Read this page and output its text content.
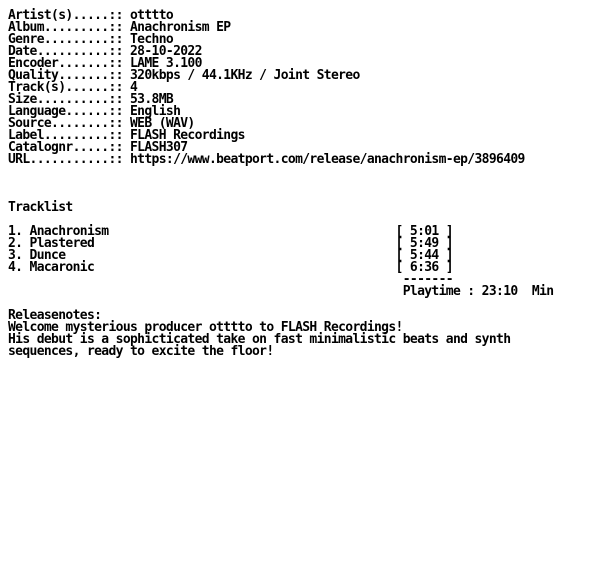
Artist(s).....:: otttto
Album.........:: Anachronism EP
Genre.........:: Techno
Date..........:: 28-10-2022
Encoder.......:: LAME 3.100
Quality.......:: 320kbps / 44.1KHz / Joint Stereo
Track(s)......:: 4
Size..........:: 53.8MB
Language......:: English
Source........:: WEB (WAV)
Label.........:: FLASH Recordings
Catalognr.....:: FLASH307
URL...........:: https://www.beatport.com/release/anachronism-ep/3896409

Tracklist

1. Anachronism                                        [ 5:01 ]
2. Plastered                                          [ 5:49 ]
3. Dunce                                              [ 5:44 ]
4. Macaronic                                          [ 6:36 ]
-------
Playtime : 23:10  Min

Releasenotes:
Welcome mysterious producer otttto to FLASH Recordings!
His debut is a sophicticated take on fast minimalistic beats and synth
sequences, ready to excite the floor!
